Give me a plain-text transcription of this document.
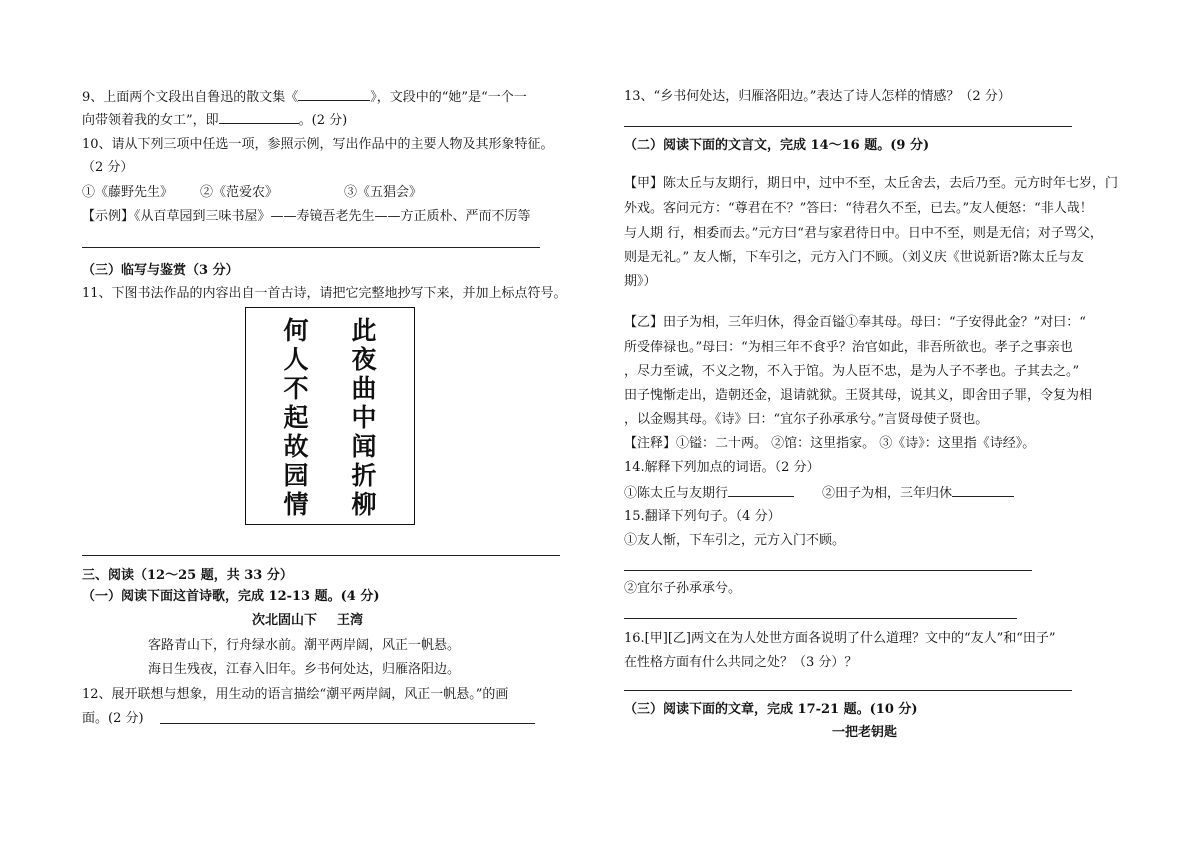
9、上面两个文段出自鲁迅的散文集《	》，文段中的“她”是“一个一
向带领着我的女工”，即	。(2 分)
10、请从下列三项中任选一项，参照示例，写出作品中的主要人物及其形象特征。
（2 分）
①《藤野先生》 ②《范爱农》	③《五猖会》
【示例】《从百草园到三味书屋》——寿镜吾老先生——方正质朴、严而不厉等
（三）临写与鉴赏（3 分）
11、下图书法作品的内容出自一首古诗，请把它完整地抄写下来，并加上标点符号。
何
人
不
起
故
园
情
此
夜
曲
中
闻
折
柳
三、阅读（12～25 题，共 33 分）
（一）阅读下面这首诗歌，完成 12-13 题。(4 分)
次北固山下 王湾
客路青山下，行舟绿水前。潮平两岸阔，风正一帆悬。
海日生残夜，江春入旧年。乡书何处达，归雁洛阳边。
12、展开联想与想象，用生动的语言描绘“潮平两岸阔，风正一帆悬。”的画
面。(2 分)
13、“乡书何处达，归雁洛阳边。”表达了诗人怎样的情感？（2 分）
（二）阅读下面的文言文，完成 14～16 题。(9 分)
【甲】陈太丘与友期行，期日中，过中不至，太丘舍去，去后乃至。元方时年七岁，门
外戏。客问元方：“尊君在不？”答曰：“待君久不至，已去。”友人便怒：“非人哉！
与人期 行，相委而去。”元方曰“君与家君待日中。日中不至，则是无信；对子骂父，
则是无礼。” 友人惭，下车引之，元方入门不顾。（刘义庆《世说新语?陈太丘与友
期》）
【乙】田子为相，三年归休，得金百镒①奉其母。母曰：“子安得此金？”对曰：“
所受俸禄也。”母曰：“为相三年不食乎？治官如此，非吾所欲也。孝子之事亲也
，尽力至诚，不义之物，不入于馆。为人臣不忠，是为人子不孝也。子其去之。”
田子愧惭走出，造朝还金，退请就狱。王贤其母，说其义，即舍田子罪，令复为相
，以金赐其母。《诗》曰：“宜尔子孙承承兮。”言贤母使子贤也。
【注释】①镒：二十两。 ②馆：这里指家。 ③《诗》：这里指《诗经》。
14.解释下列加点的词语。（2 分）
①陈太丘与友期行	②田子为相，三年归休
15.翻译下列句子。（4 分）
①友人惭，下车引之，元方入门不顾。
②宜尔子孙承承兮。
16.[甲][乙]两文在为人处世方面各说明了什么道理？文中的“友人”和“田子”
在性格方面有什么共同之处？（3 分）？
（三）阅读下面的文章，完成 17-21 题。(10 分)
一把老钥匙
